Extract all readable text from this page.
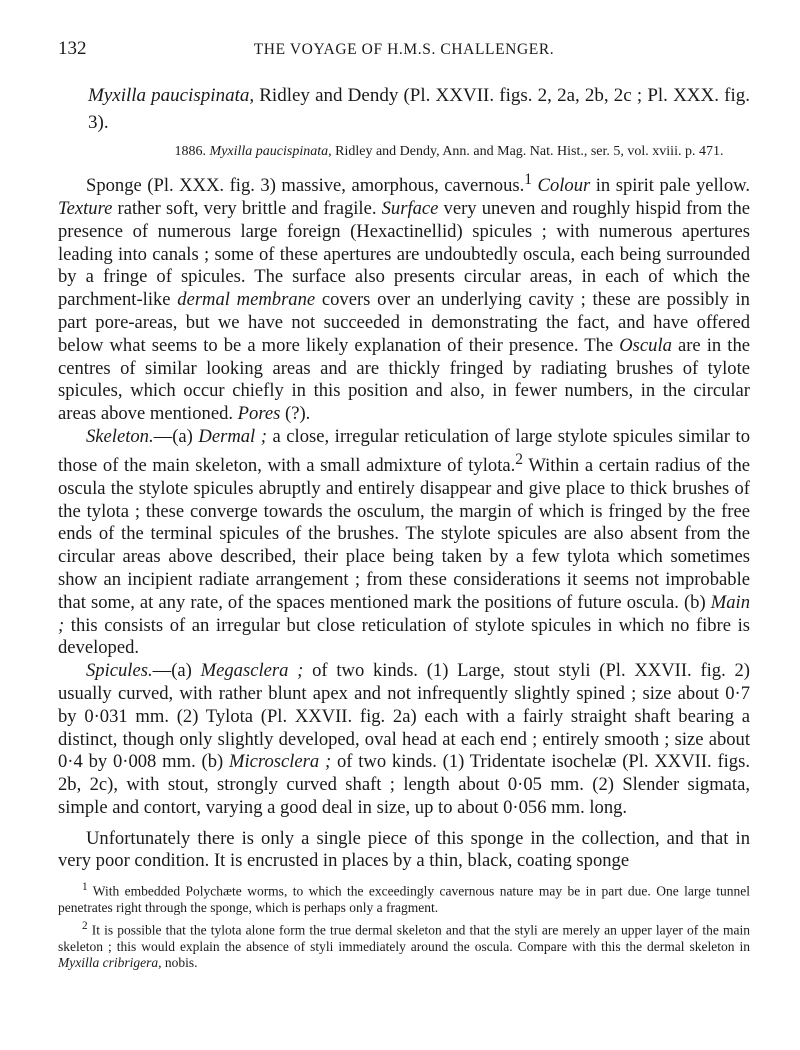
132	THE VOYAGE OF H.M.S. CHALLENGER.
Myxilla paucispinata, Ridley and Dendy (Pl. XXVII. figs. 2, 2a, 2b, 2c ; Pl. XXX. fig. 3).
1886. Myxilla paucispinata, Ridley and Dendy, Ann. and Mag. Nat. Hist., ser. 5, vol. xviii. p. 471.

Sponge (Pl. XXX. fig. 3) massive, amorphous, cavernous.$^1$ Colour in spirit pale yellow. Texture rather soft, very brittle and fragile. Surface very uneven and roughly hispid from the presence of numerous large foreign (Hexactinellid) spicules ; with numerous apertures leading into canals ; some of these apertures are undoubtedly oscula, each being surrounded by a fringe of spicules. The surface also presents circular areas, in each of which the parchment-like dermal membrane covers over an underlying cavity ; these are possibly in part pore-areas, but we have not succeeded in demonstrating the fact, and have offered below what seems to be a more likely explanation of their presence. The Oscula are in the centres of similar looking areas and are thickly fringed by radiating brushes of tylote spicules, which occur chiefly in this position and also, in fewer numbers, in the circular areas above mentioned. Pores (?).

Skeleton.—(a) Dermal ; a close, irregular reticulation of large stylote spicules similar to those of the main skeleton, with a small admixture of tylota.$^2$ Within a certain radius of the oscula the stylote spicules abruptly and entirely disappear and give place to thick brushes of the tylota ; these converge towards the osculum, the margin of which is fringed by the free ends of the terminal spicules of the brushes. The stylote spicules are also absent from the circular areas above described, their place being taken by a few tylota which sometimes show an incipient radiate arrangement ; from these considerations it seems not improbable that some, at any rate, of the spaces mentioned mark the positions of future oscula. (b) Main ; this consists of an irregular but close reticulation of stylote spicules in which no fibre is developed.

Spicules.—(a) Megasclera ; of two kinds. (1) Large, stout styli (Pl. XXVII. fig. 2) usually curved, with rather blunt apex and not infrequently slightly spined ; size about 0·7 by 0·031 mm. (2) Tylota (Pl. XXVII. fig. 2a) each with a fairly straight shaft bearing a distinct, though only slightly developed, oval head at each end ; entirely smooth ; size about 0·4 by 0·008 mm. (b) Microsclera ; of two kinds. (1) Tridentate isochelæ (Pl. XXVII. figs. 2b, 2c), with stout, strongly curved shaft ; length about 0·05 mm. (2) Slender sigmata, simple and contort, varying a good deal in size, up to about 0·056 mm. long.

Unfortunately there is only a single piece of this sponge in the collection, and that in very poor condition. It is encrusted in places by a thin, black, coating sponge

$^1$ With embedded Polychæte worms, to which the exceedingly cavernous nature may be in part due. One large tunnel penetrates right through the sponge, which is perhaps only a fragment.

$^2$ It is possible that the tylota alone form the true dermal skeleton and that the styli are merely an upper layer of the main skeleton ; this would explain the absence of styli immediately around the oscula. Compare with this the dermal skeleton in Myxilla cribrigera, nobis.
